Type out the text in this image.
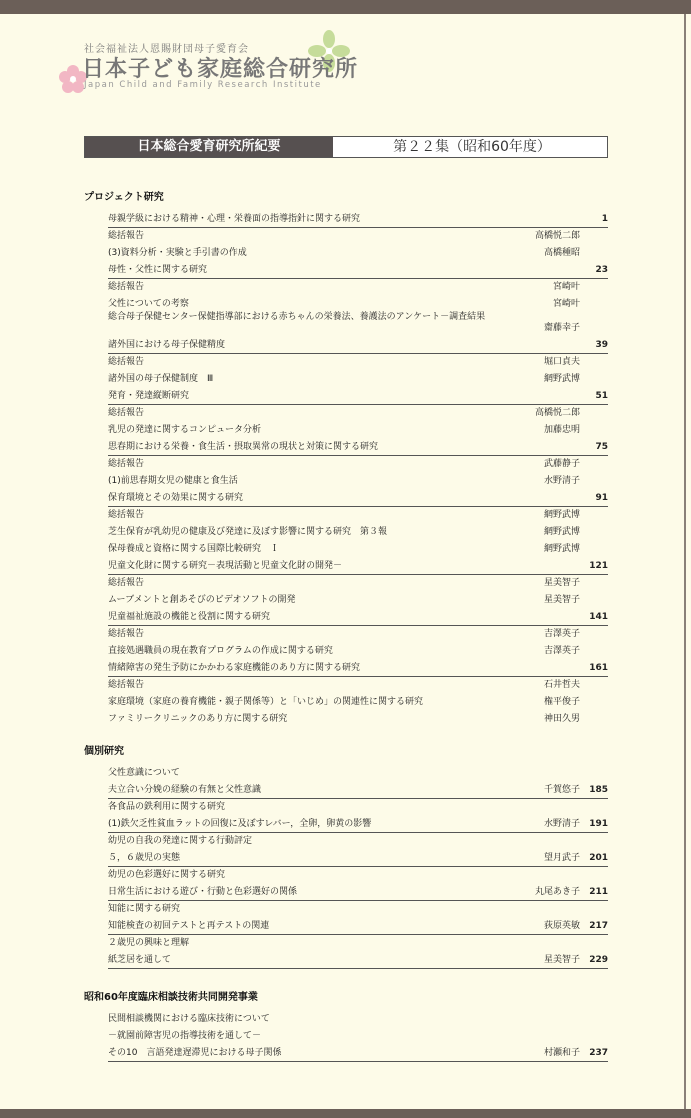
社会福祉法人恩賜財団母子愛育会
日本子ども家庭総合研究所
Japan Child and Family Research Institute
日本総合愛育研究所紀要	第２２集（昭和60年度）
プロジェクト研究
母親学級における精神・心理・栄養面の指導指針に関する研究	1
総括報告	高橋悦二郎
(3)資料分析・実験と手引書の作成	高橋種昭
母性・父性に関する研究	23
総括報告	宮崎叶
父性についての考察	宮崎叶
総合母子保健センター保健指導部における赤ちゃんの栄養法、養護法のアンケート－調査結果
齋藤幸子
諸外国における母子保健精度	39
総括報告	堀口貞夫
諸外国の母子保健制度　Ⅲ	網野武博
発育・発達縦断研究	51
総括報告	高橋悦二郎
乳児の発達に関するコンピュータ分析	加藤忠明
思春期における栄養・食生活・摂取異常の現状と対策に関する研究	75
総括報告	武藤静子
(1)前思春期女児の健康と食生活	水野清子
保育環境とその効果に関する研究	91
総括報告	網野武博
芝生保育が乳幼児の健康及び発達に及ぼす影響に関する研究　第３報	網野武博
保母養成と資格に関する国際比較研究　Ｉ	網野武博
児童文化財に関する研究－表現活動と児童文化財の開発－	121
総括報告	星美智子
ムーブメントと創あそびのビデオソフトの開発	星美智子
児童福祉施設の機能と役割に関する研究	141
総括報告	吉澤英子
直接処遇職員の現在教育プログラムの作成に関する研究	吉澤英子
情緒障害の発生予防にかかわる家庭機能のあり方に関する研究	161
総括報告	石井哲夫
家庭環境（家庭の養育機能・親子関係等）と「いじめ」の関連性に関する研究	権平俊子
ファミリークリニックのあり方に関する研究	神田久男
個別研究
父性意識について
夫立合い分娩の経験の有無と父性意識	千賀悠子 185
各食品の鉄利用に関する研究
(1)鉄欠乏性貧血ラットの回復に及ぼすレバー，全卵，卵黄の影響	水野清子 191
幼児の自我の発達に関する行動評定
５，６歳児の実態	望月武子 201
幼児の色彩選好に関する研究
日常生活における遊び・行動と色彩選好の関係	丸尾あき子 211
知能に関する研究
知能検査の初回テストと再テストの関連	荻原英敏 217
２歳児の興味と理解
紙芝居を通して	星美智子 229
昭和60年度臨床相談技術共同開発事業
民間相談機関における臨床技術について
－就園前障害児の指導技術を通して－
その10　言語発達遅滞児における母子関係	村瀬和子 237
